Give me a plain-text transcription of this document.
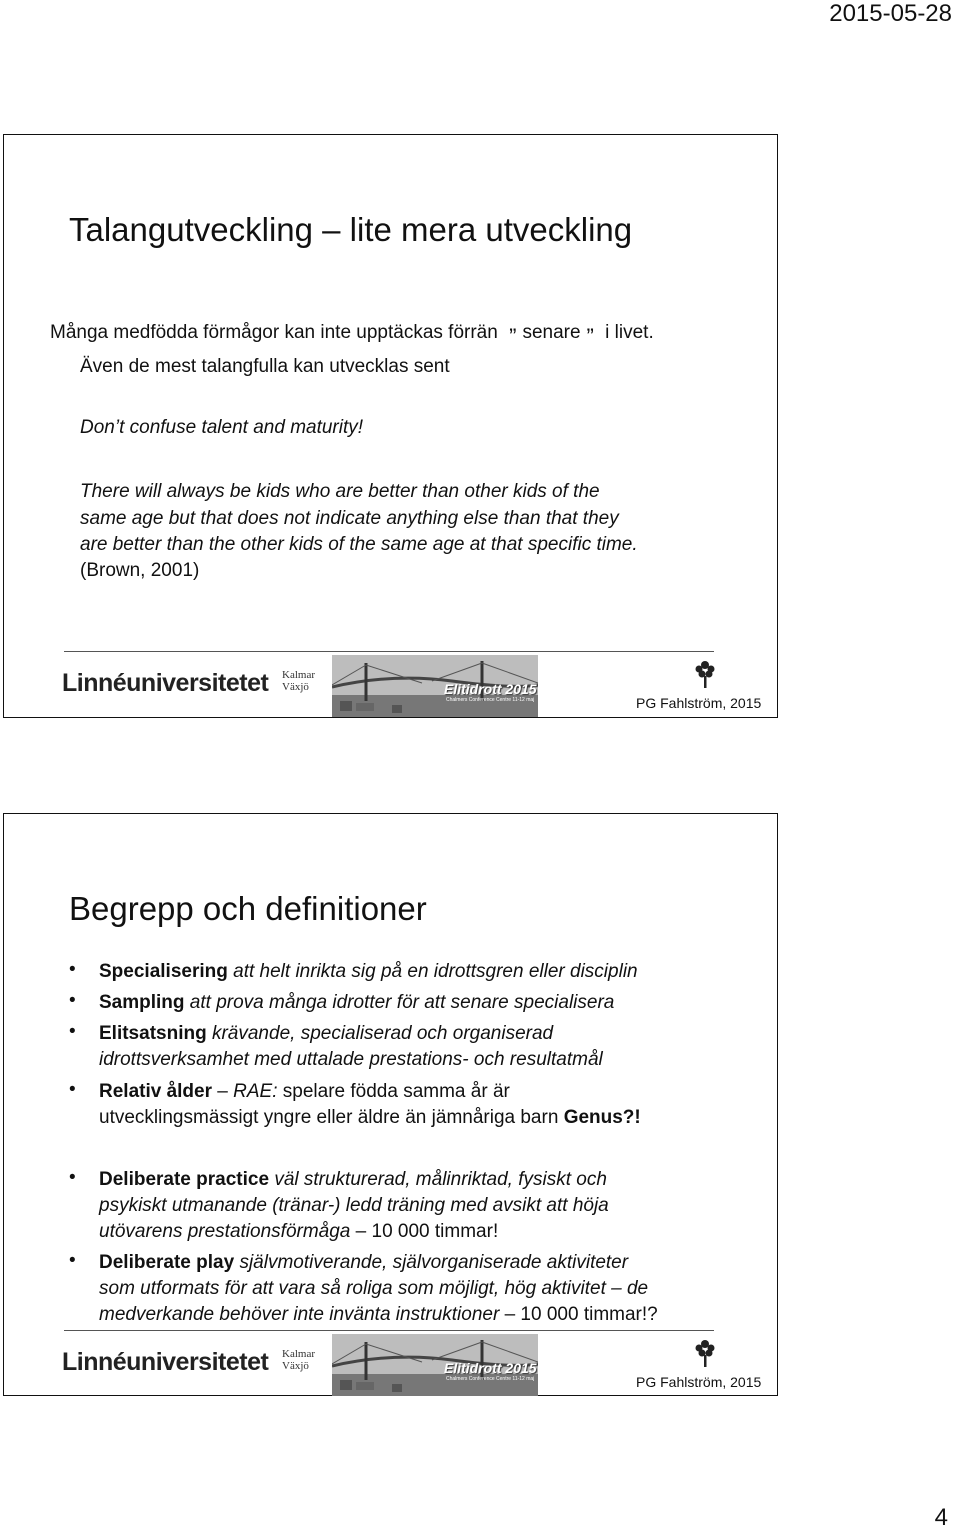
2015-05-28
Talangutveckling – lite mera utveckling
Många medfödda förmågor kan inte upptäckas förrän ” senare ” i livet.
Även de mest talangfulla kan utvecklas sent
Don’t confuse talent and maturity!
There will always be kids who are better than other kids of the
same age but that does not indicate anything else than that they
are better than the other kids of the same age at that specific time.
(Brown, 2001)
Linnéuniversitetet Kalmar
Växjö	Elitidrott 2015
Chalmers Conference Centre 11-12 maj	PG Fahlström, 2015
Begrepp och definitioner
• Specialisering att helt inrikta sig på en idrottsgren eller disciplin
• Sampling att prova många idrotter för att senare specialisera
• Elitsatsning krävande, specialiserad och organiserad
idrottsverksamhet med uttalade prestations- och resultatmål
• Relativ ålder – RAE: spelare födda samma år är
utvecklingsmässigt yngre eller äldre än jämnåriga barn Genus?!
• Deliberate practice väl strukturerad, målinriktad, fysiskt och
psykiskt utmanande (tränar-) ledd träning med avsikt att höja
utövarens prestationsförmåga – 10 000 timmar!
• Deliberate play självmotiverande, självorganiserade aktiviteter
som utformats för att vara så roliga som möjligt, hög aktivitet – de
medverkande behöver inte invänta instruktioner – 10 000 timmar!?
Linnéuniversitetet Kalmar
Växjö	Elitidrott 2015
Chalmers Conference Centre 11-12 maj	PG Fahlström, 2015
4
